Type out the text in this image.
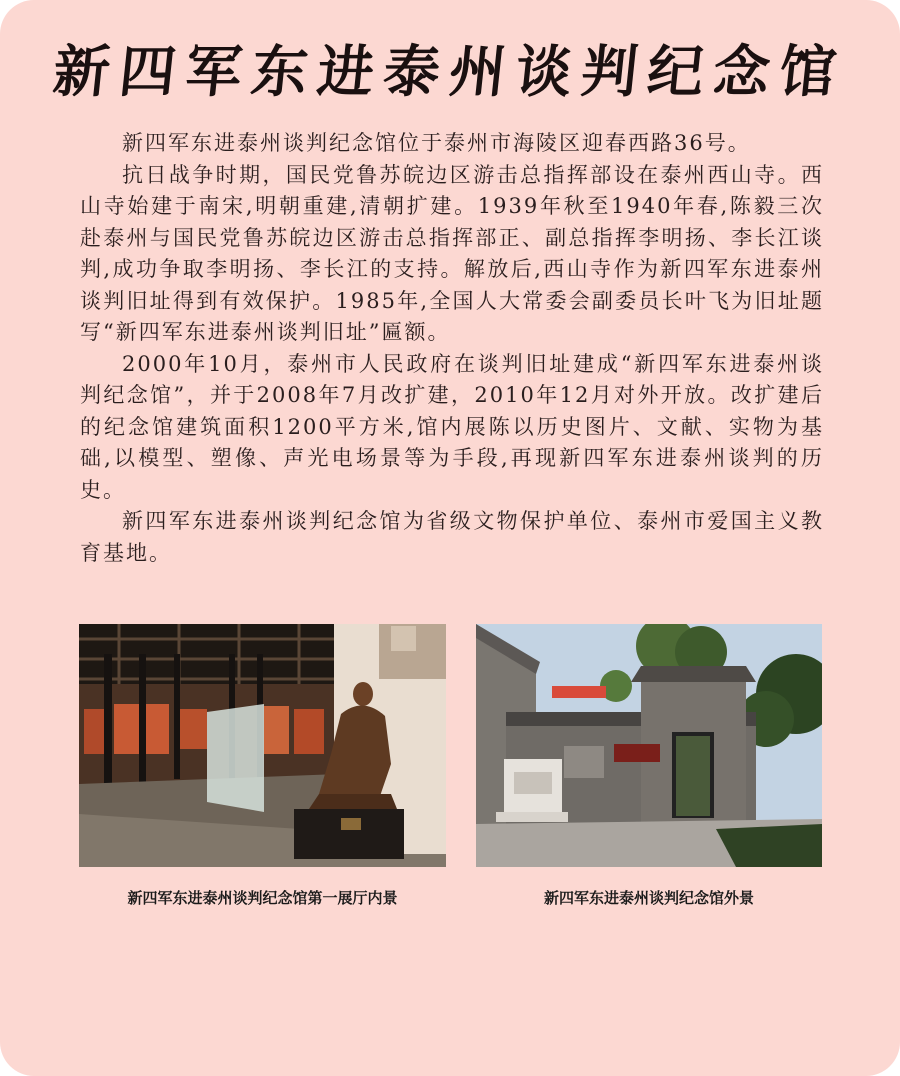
新四军东进泰州谈判纪念馆

新四军东进泰州谈判纪念馆位于泰州市海陵区迎春西路36号。

抗日战争时期，国民党鲁苏皖边区游击总指挥部设在泰州西山寺。西山寺始建于南宋,明朝重建,清朝扩建。1939年秋至1940年春,陈毅三次赴泰州与国民党鲁苏皖边区游击总指挥部正、副总指挥李明扬、李长江谈判,成功争取李明扬、李长江的支持。解放后,西山寺作为新四军东进泰州谈判旧址得到有效保护。1985年,全国人大常委会副委员长叶飞为旧址题写“新四军东进泰州谈判旧址”匾额。

2000年10月，泰州市人民政府在谈判旧址建成“新四军东进泰州谈判纪念馆”，并于2008年7月改扩建，2010年12月对外开放。改扩建后的纪念馆建筑面积1200平方米,馆内展陈以历史图片、文献、实物为基础,以模型、塑像、声光电场景等为手段,再现新四军东进泰州谈判的历史。

新四军东进泰州谈判纪念馆为省级文物保护单位、泰州市爱国主义教育基地。

新四军东进泰州谈判纪念馆第一展厅内景	新四军东进泰州谈判纪念馆外景
